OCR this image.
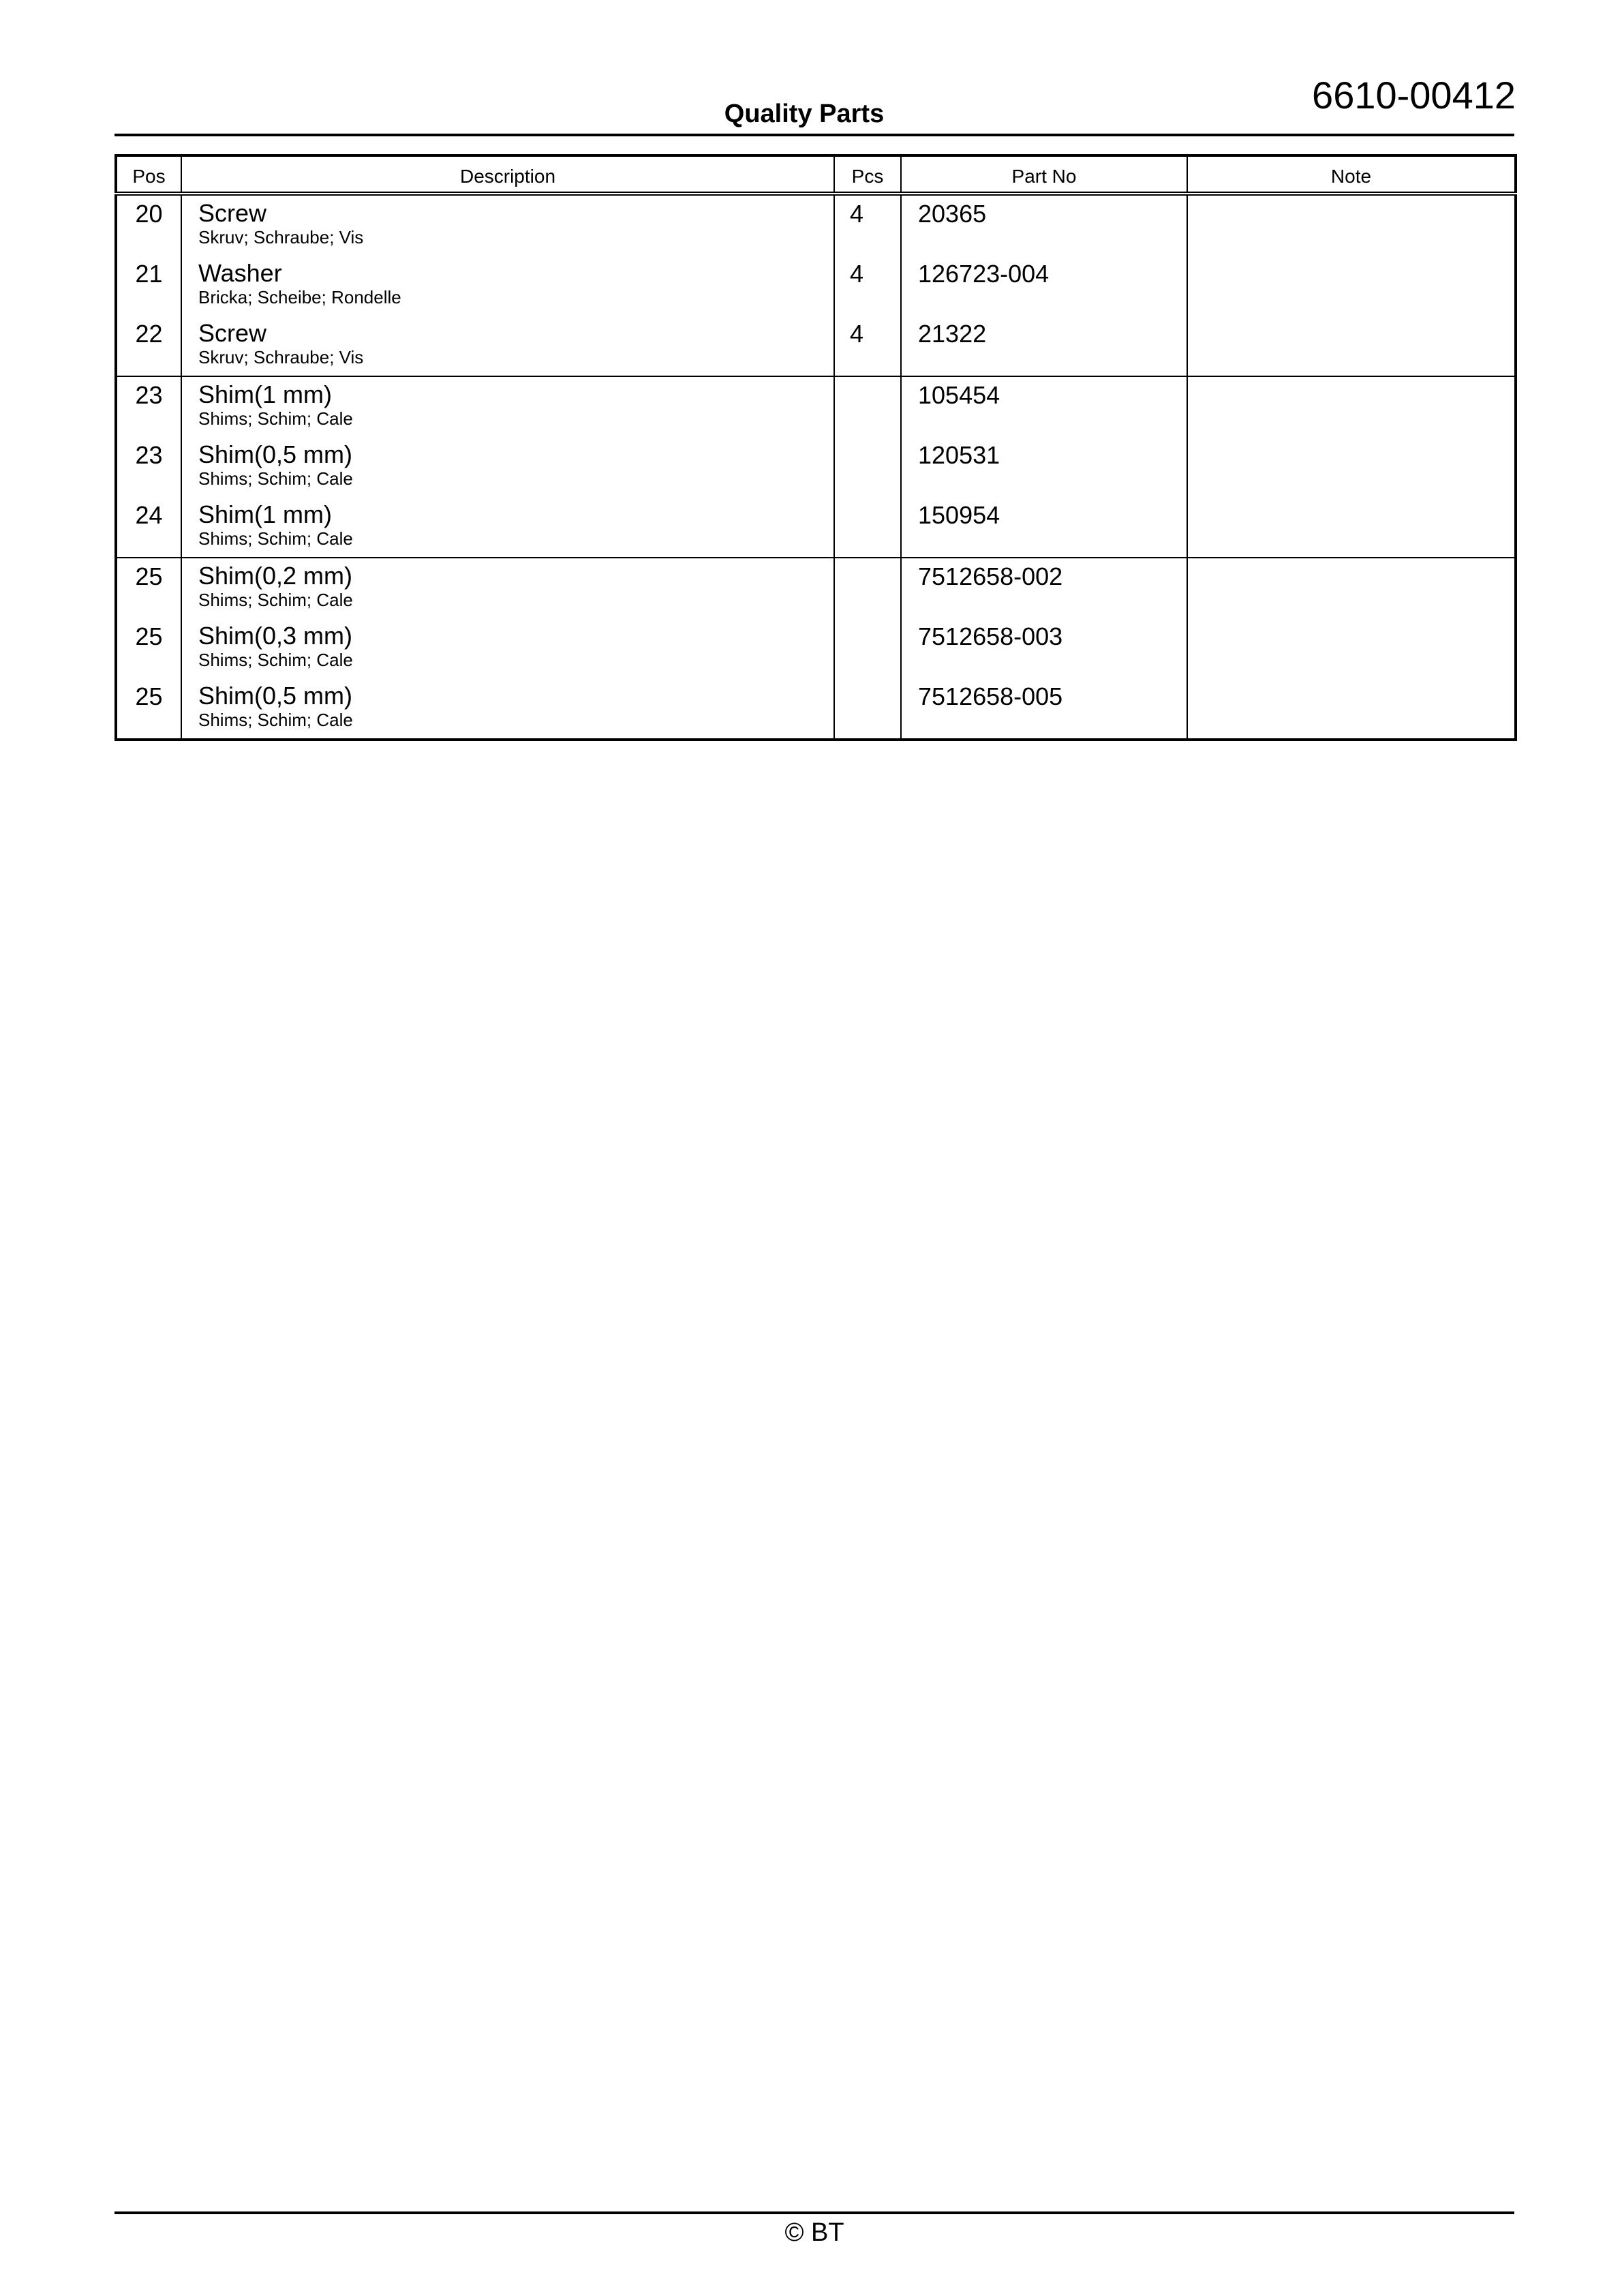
6610-00412
Quality Parts
Pos	Description	Pcs	Part No	Note

20	Screw
Skruv; Schraube; Vis	4	20365	

21	Washer
Bricka; Scheibe; Rondelle	4	126723-004	

22	Screw
Skruv; Schraube; Vis	4	21322	

23	Shim(1 mm)
Shims; Schim; Cale		105454	

23	Shim(0,5 mm)
Shims; Schim; Cale		120531	

24	Shim(1 mm)
Shims; Schim; Cale		150954	

25	Shim(0,2 mm)
Shims; Schim; Cale		7512658-002	

25	Shim(0,3 mm)
Shims; Schim; Cale		7512658-003	

25	Shim(0,5 mm)
Shims; Schim; Cale		7512658-005	

© BT
